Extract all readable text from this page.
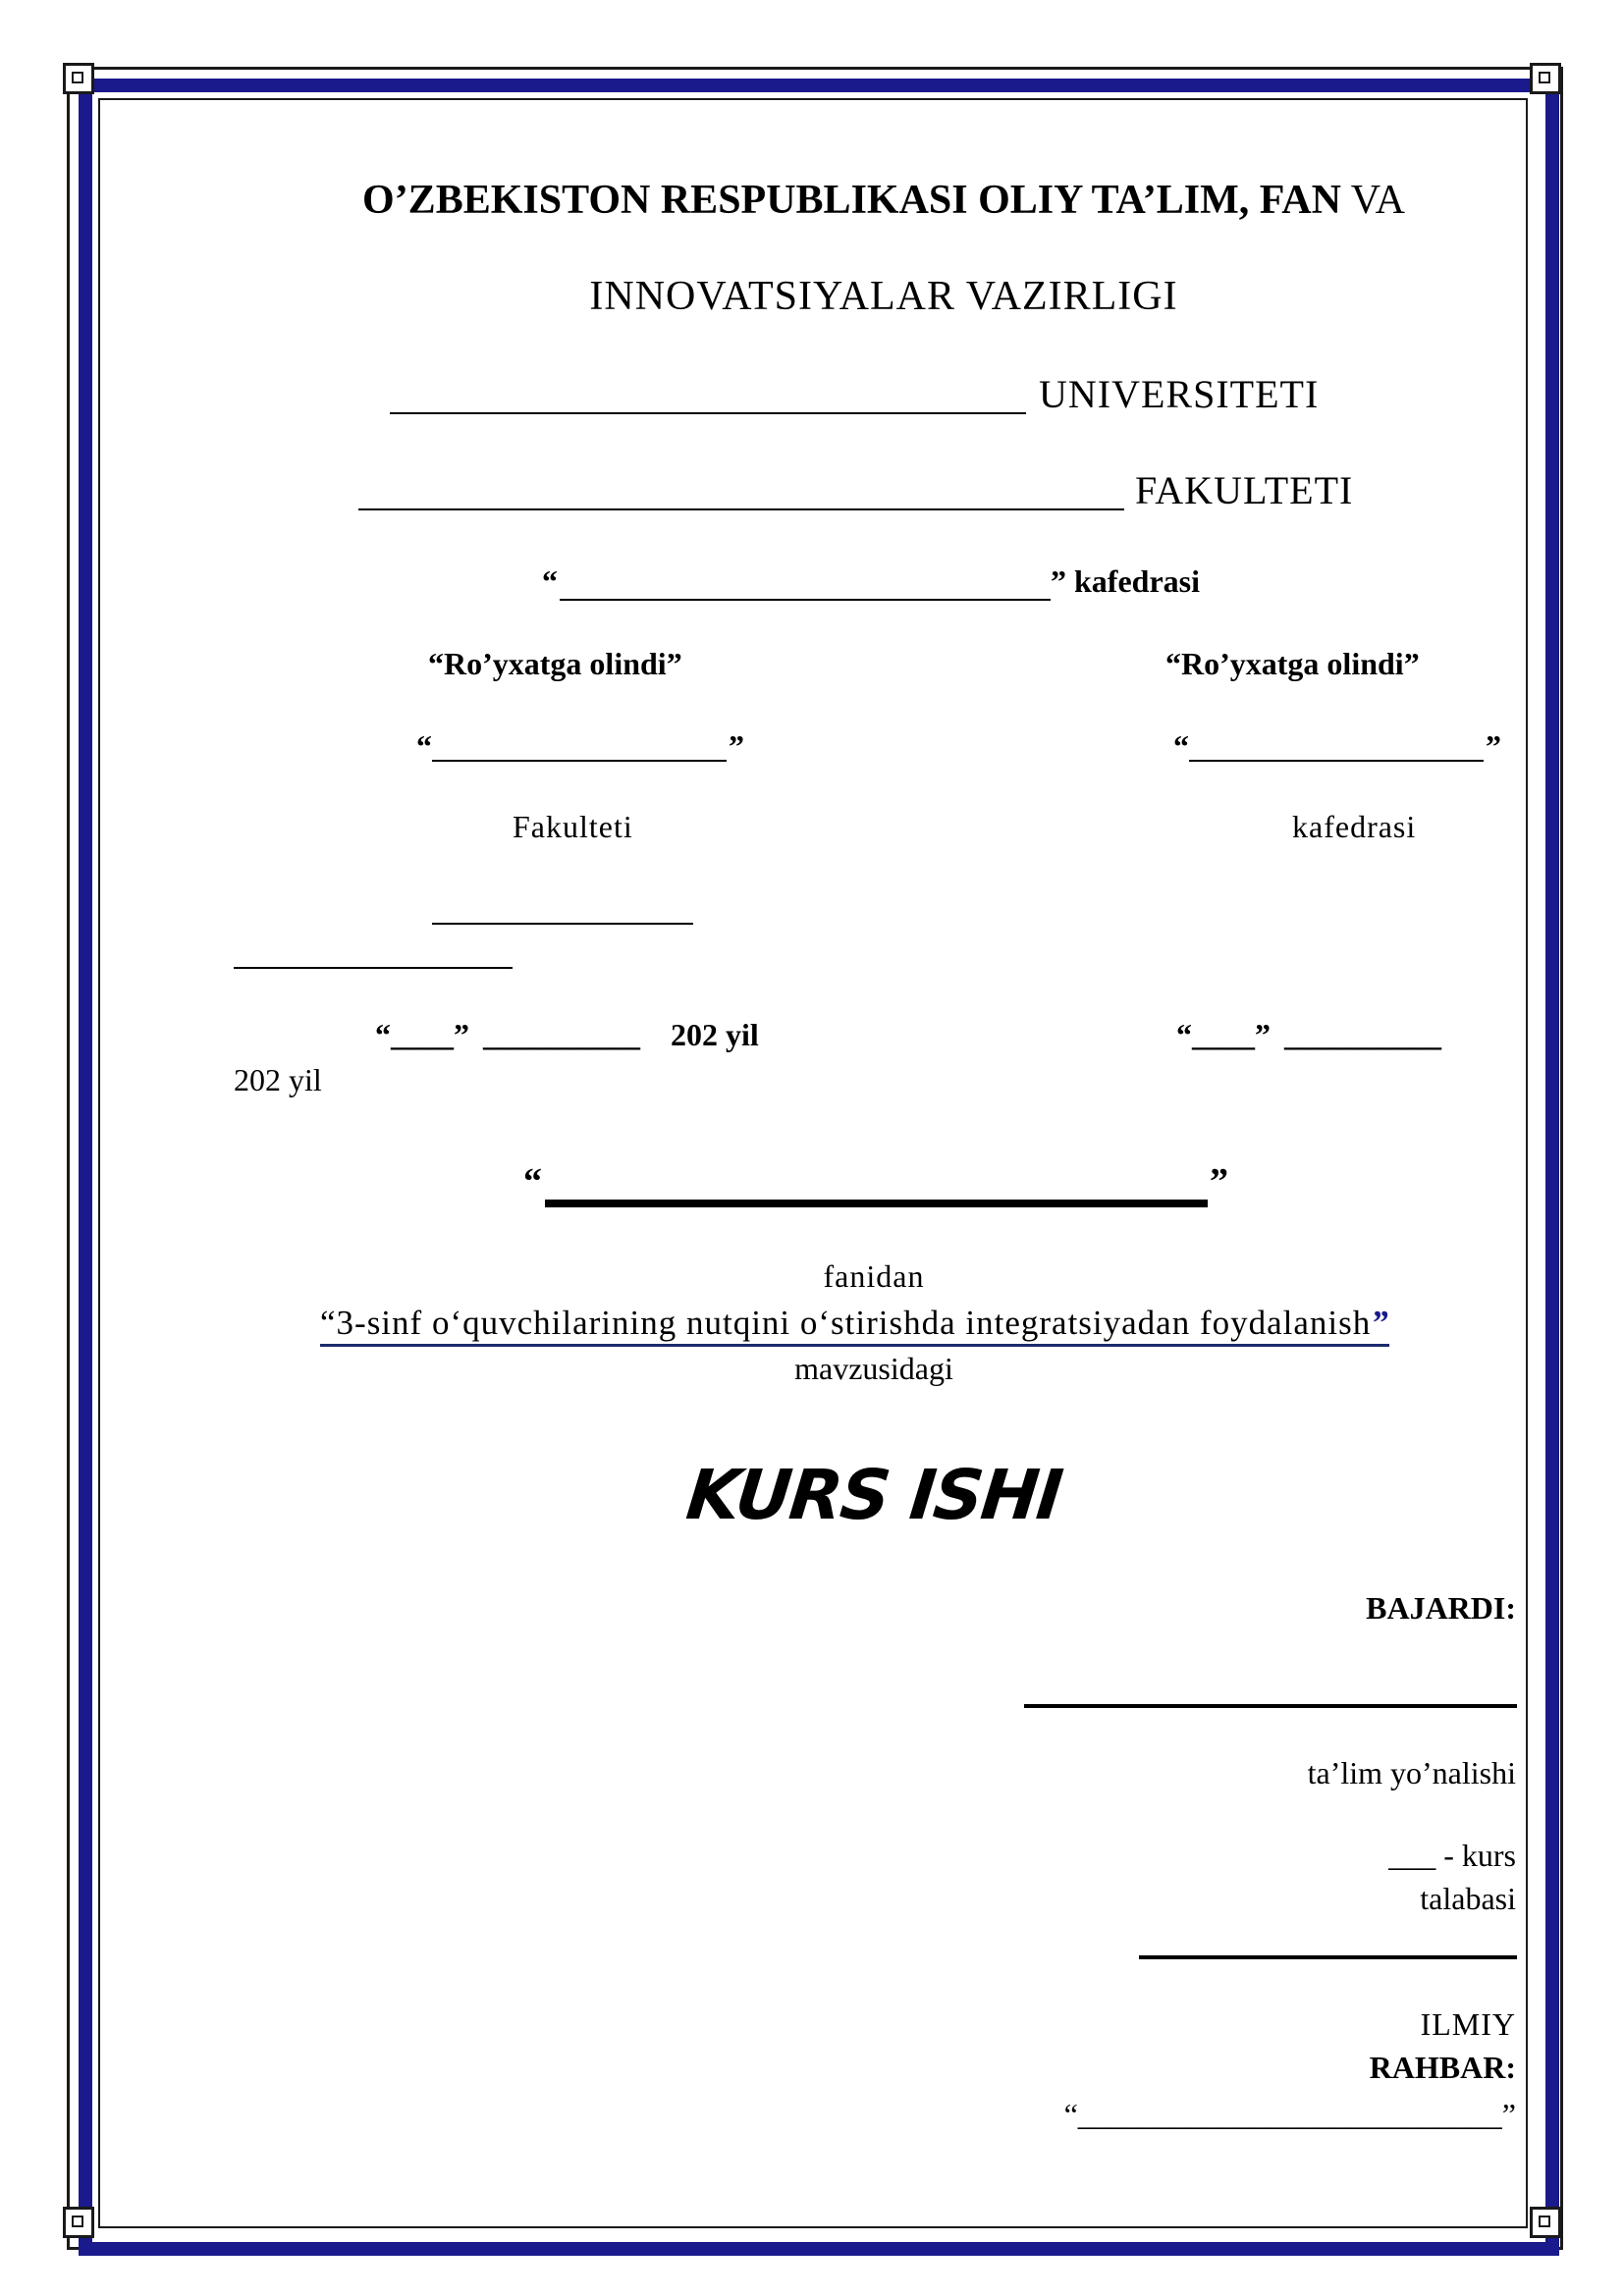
O’ZBEKISTON RESPUBLIKASI OLIY TA’LIM, FAN VA
INNOVATSIYALAR VAZIRLIGI
UNIVERSITETI
FAKULTETI
“	” kafedrasi
“Ro’yxatga olindi”	“Ro’yxatga olindi”
“	”	“	”
Fakulteti	kafedrasi
“____” __________ 202 yil	“____” __________
202 yil
“	”
fanidan
“3-sinf o‘quvchilarining nutqini o‘stirishda integratsiyadan foydalanish”
mavzusidagi
KURS ISHI
BAJARDI:
ta’lim yo’nalishi
___ - kurs
talabasi
ILMIY
RAHBAR:
“___________________________”
